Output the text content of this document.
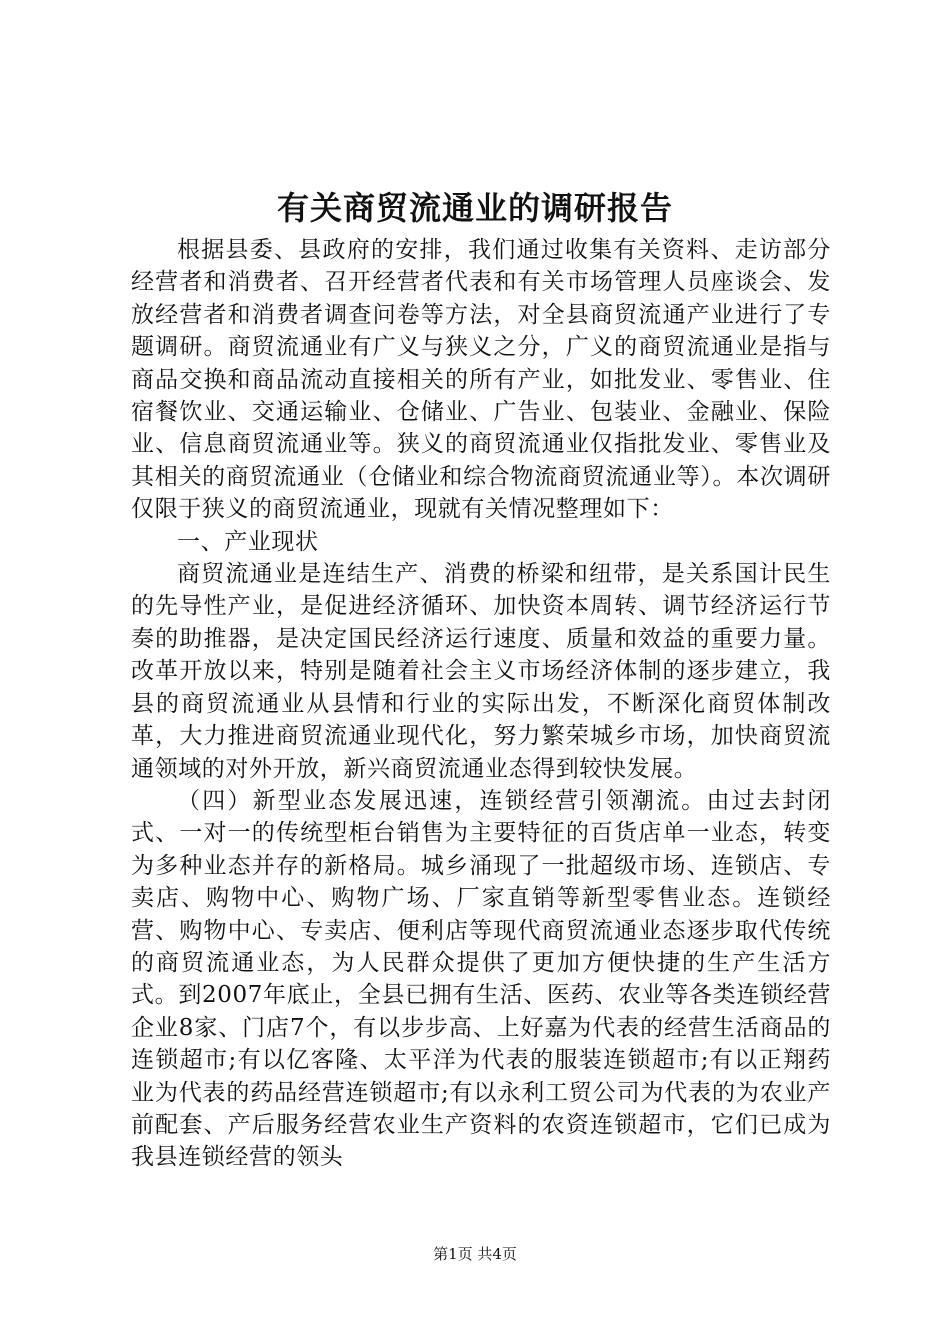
有关商贸流通业的调研报告

根据县委、县政府的安排，我们通过收集有关资料、走访部分经营者和消费者、召开经营者代表和有关市场管理人员座谈会、发放经营者和消费者调查问卷等方法，对全县商贸流通产业进行了专题调研。商贸流通业有广义与狭义之分，广义的商贸流通业是指与商品交换和商品流动直接相关的所有产业，如批发业、零售业、住宿餐饮业、交通运输业、仓储业、广告业、包装业、金融业、保险业、信息商贸流通业等。狭义的商贸流通业仅指批发业、零售业及其相关的商贸流通业（仓储业和综合物流商贸流通业等）。本次调研仅限于狭义的商贸流通业，现就有关情况整理如下：

一、产业现状

商贸流通业是连结生产、消费的桥梁和纽带，是关系国计民生的先导性产业，是促进经济循环、加快资本周转、调节经济运行节奏的助推器，是决定国民经济运行速度、质量和效益的重要力量。改革开放以来，特别是随着社会主义市场经济体制的逐步建立，我县的商贸流通业从县情和行业的实际出发，不断深化商贸体制改革，大力推进商贸流通业现代化，努力繁荣城乡市场，加快商贸流通领域的对外开放，新兴商贸流通业态得到较快发展。

（四）新型业态发展迅速，连锁经营引领潮流。由过去封闭式、一对一的传统型柜台销售为主要特征的百货店单一业态，转变为多种业态并存的新格局。城乡涌现了一批超级市场、连锁店、专卖店、购物中心、购物广场、厂家直销等新型零售业态。连锁经营、购物中心、专卖店、便利店等现代商贸流通业态逐步取代传统的商贸流通业态，为人民群众提供了更加方便快捷的生产生活方式。到2007年底止，全县已拥有生活、医药、农业等各类连锁经营企业8家、门店7个，有以步步高、上好嘉为代表的经营生活商品的连锁超市;有以亿客隆、太平洋为代表的服装连锁超市;有以正翔药业为代表的药品经营连锁超市;有以永利工贸公司为代表的为农业产前配套、产后服务经营农业生产资料的农资连锁超市，它们已成为我县连锁经营的领头

第1页 共4页
